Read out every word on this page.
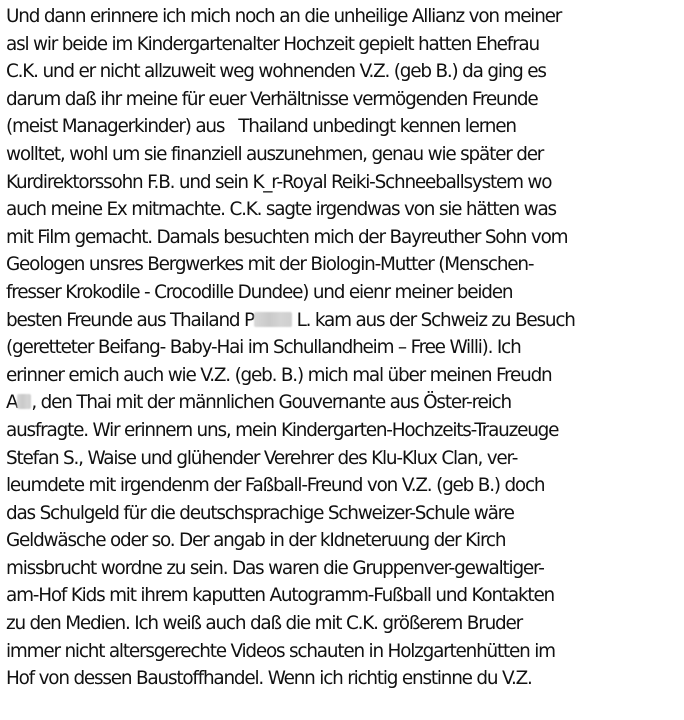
Und dann erinnere ich mich noch an die unheilige Allianz von meiner
asl wir beide im Kindergartenalter Hochzeit gepielt hatten Ehefrau
C.K. und er nicht allzuweit weg wohnenden V.Z. (geb B.) da ging es
darum daß ihr meine für euer Verhältnisse vermögenden Freunde
(meist Managerkinder) aus   Thailand unbedingt kennen lernen
wolltet, wohl um sie finanziell auszunehmen, genau wie später der
Kurdirektorssohn F.B. und sein K_r-Royal Reiki-Schneeballsystem wo
auch meine Ex mitmachte. C.K. sagte irgendwas von sie hätten was
mit Film gemacht. Damals besuchten mich der Bayreuther Sohn vom
Geologen unsres Bergwerkes mit der Biologin-Mutter (Menschen-
fresser Krokodile - Crocodille Dundee) und eienr meiner beiden
besten Freunde aus Thailand P L. kam aus der Schweiz zu Besuch
(geretteter Beifang- Baby-Hai im Schullandheim – Free Willi). Ich
erinner emich auch wie V.Z. (geb. B.) mich mal über meinen Freudn
A , den Thai mit der männlichen Gouvernante aus Öster-reich
ausfragte. Wir erinnern uns, mein Kindergarten-Hochzeits-Trauzeuge
Stefan S., Waise und glühender Verehrer des Klu-Klux Clan, ver-
leumdete mit irgendenm der Faßball-Freund von V.Z. (geb B.) doch
das Schulgeld für die deutschsprachige Schweizer-Schule wäre
Geldwäsche oder so. Der angab in der kIdneteruung der Kirch
missbrucht wordne zu sein. Das waren die Gruppenver-gewaltiger-
am-Hof Kids mit ihrem kaputten Autogramm-Fußball und Kontakten
zu den Medien. Ich weiß auch daß die mit C.K. größerem Bruder
immer nicht altersgerechte Videos schauten in Holzgartenhütten im
Hof von dessen Baustoffhandel. Wenn ich richtig enstinne du V.Z.
